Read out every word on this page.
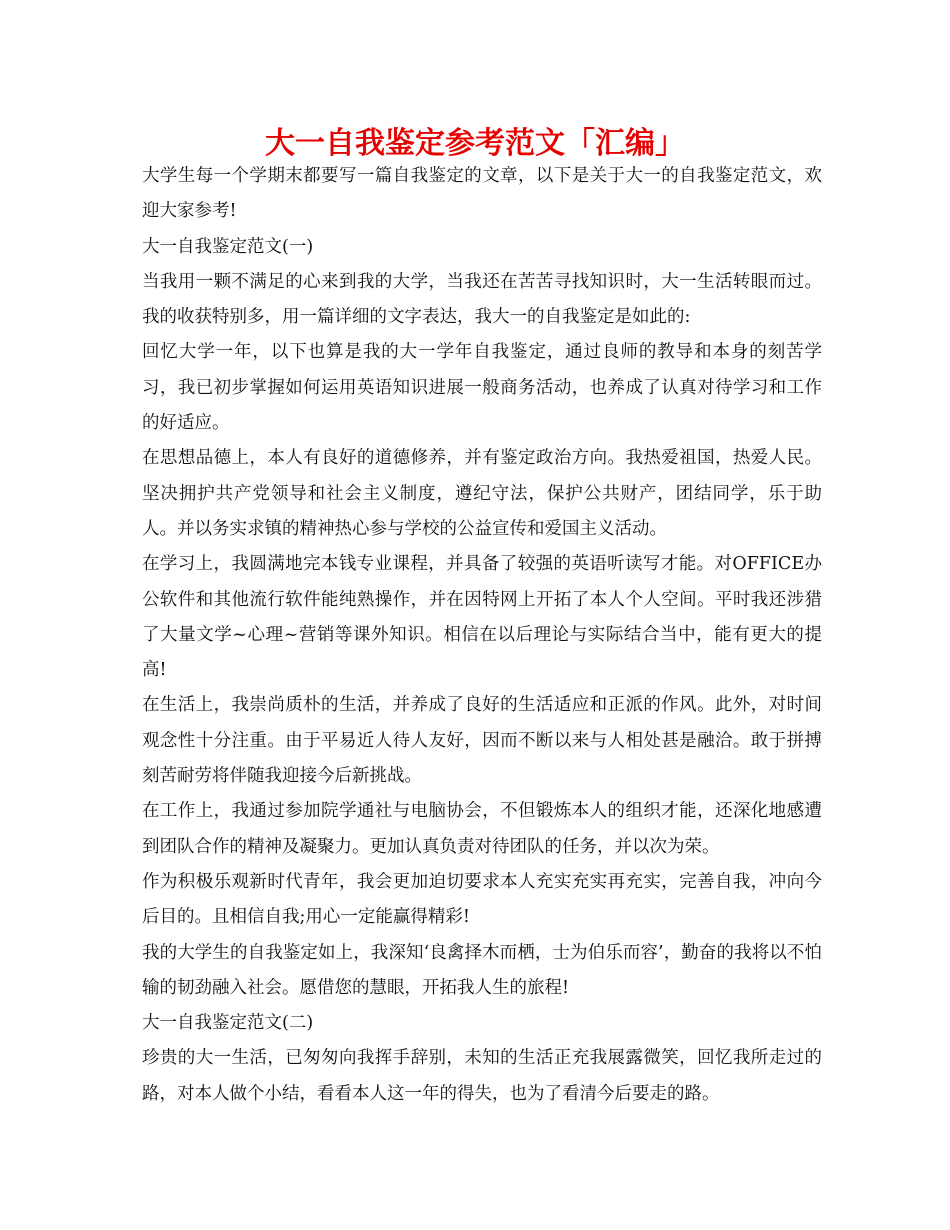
大一自我鉴定参考范文「汇编」

大学生每一个学期末都要写一篇自我鉴定的文章，以下是关于大一的自我鉴定范文，欢迎大家参考!

大一自我鉴定范文(一)

当我用一颗不满足的心来到我的大学，当我还在苦苦寻找知识时，大一生活转眼而过。我的收获特别多，用一篇详细的文字表达，我大一的自我鉴定是如此的:

回忆大学一年，以下也算是我的大一学年自我鉴定，通过良师的教导和本身的刻苦学习，我已初步掌握如何运用英语知识进展一般商务活动，也养成了认真对待学习和工作的好适应。

在思想品德上，本人有良好的道德修养，并有鉴定政治方向。我热爱祖国，热爱人民。坚决拥护共产党领导和社会主义制度，遵纪守法，保护公共财产，团结同学，乐于助人。并以务实求镇的精神热心参与学校的公益宣传和爱国主义活动。

在学习上，我圆满地完本钱专业课程，并具备了较强的英语听读写才能。对OFFICE办公软件和其他流行软件能纯熟操作，并在因特网上开拓了本人个人空间。平时我还涉猎了大量文学~心理~营销等课外知识。相信在以后理论与实际结合当中，能有更大的提高!

在生活上，我崇尚质朴的生活，并养成了良好的生活适应和正派的作风。此外，对时间观念性十分注重。由于平易近人待人友好，因而不断以来与人相处甚是融洽。敢于拼搏刻苦耐劳将伴随我迎接今后新挑战。

在工作上，我通过参加院学通社与电脑协会，不但锻炼本人的组织才能，还深化地感遭到团队合作的精神及凝聚力。更加认真负责对待团队的任务，并以次为荣。

作为积极乐观新时代青年，我会更加迫切要求本人充实充实再充实，完善自我，冲向今后目的。且相信自我;用心一定能赢得精彩!

我的大学生的自我鉴定如上，我深知‘良禽择木而栖，士为伯乐而容’，勤奋的我将以不怕输的韧劲融入社会。愿借您的慧眼，开拓我人生的旅程!

大一自我鉴定范文(二)

珍贵的大一生活，已匆匆向我挥手辞别，未知的生活正充我展露微笑，回忆我所走过的路，对本人做个小结，看看本人这一年的得失，也为了看清今后要走的路。
